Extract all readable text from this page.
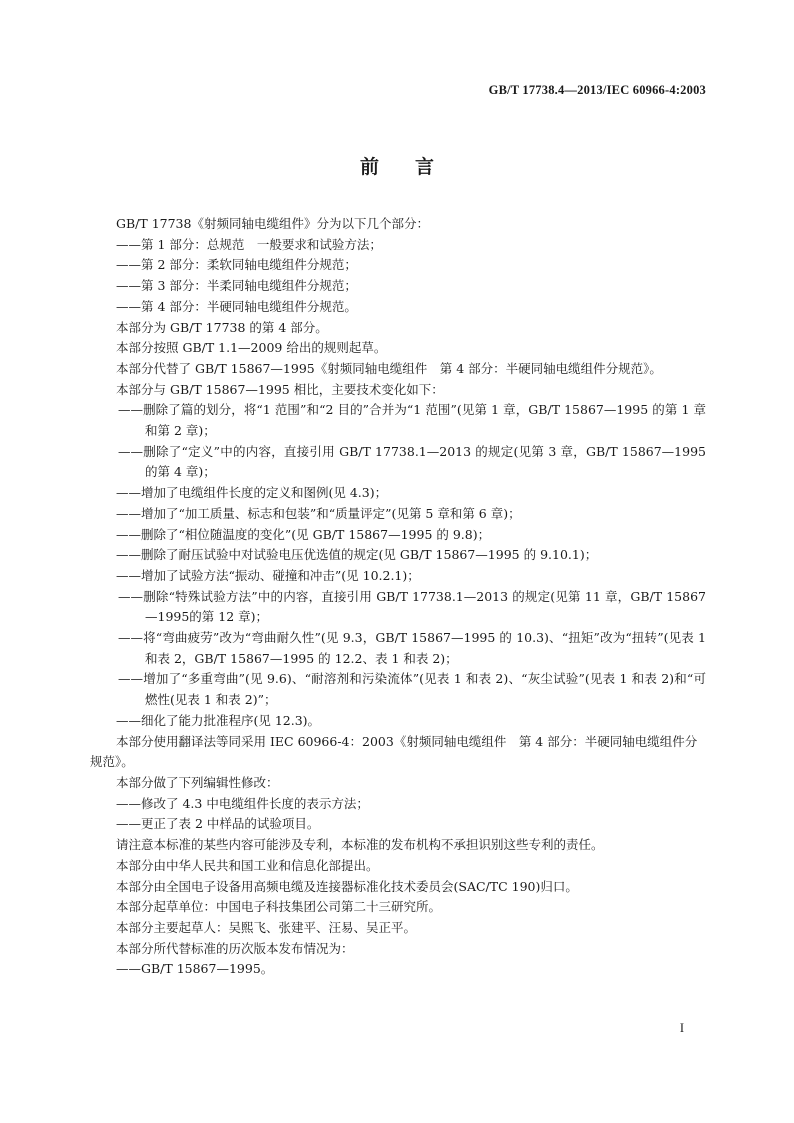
GB/T 17738.4—2013/IEC 60966-4:2003
前言

GB/T 17738《射频同轴电缆组件》分为以下几个部分：

——第 1 部分：总规范　一般要求和试验方法；

——第 2 部分：柔软同轴电缆组件分规范；

——第 3 部分：半柔同轴电缆组件分规范；

——第 4 部分：半硬同轴电缆组件分规范。

本部分为 GB/T 17738 的第 4 部分。

本部分按照 GB/T 1.1—2009 给出的规则起草。

本部分代替了 GB/T 15867—1995《射频同轴电缆组件　第 4 部分：半硬同轴电缆组件分规范》。

本部分与 GB/T 15867—1995 相比，主要技术变化如下：

——删除了篇的划分，将“1 范围”和“2 目的”合并为“1 范围”(见第 1 章，GB/T 15867—1995 的第 1 章和第 2 章)；

——删除了“定义”中的内容，直接引用 GB/T 17738.1—2013 的规定(见第 3 章，GB/T 15867—1995的第 4 章)；

——增加了电缆组件长度的定义和图例(见 4.3)；

——增加了“加工质量、标志和包装”和“质量评定”(见第 5 章和第 6 章)；

——删除了“相位随温度的变化”(见 GB/T 15867—1995 的 9.8)；

——删除了耐压试验中对试验电压优选值的规定(见 GB/T 15867—1995 的 9.10.1)；

——增加了试验方法“振动、碰撞和冲击”(见 10.2.1)；

——删除“特殊试验方法”中的内容，直接引用 GB/T 17738.1—2013 的规定(见第 11 章，GB/T 15867—1995的第 12 章)；

——将“弯曲疲劳”改为“弯曲耐久性”(见 9.3，GB/T 15867—1995 的 10.3)、“扭矩”改为“扭转”(见表 1 和表 2，GB/T 15867—1995 的 12.2、表 1 和表 2)；

——增加了“多重弯曲”(见 9.6)、“耐溶剂和污染流体”(见表 1 和表 2)、“灰尘试验”(见表 1 和表 2)和“可燃性(见表 1 和表 2)”；

——细化了能力批准程序(见 12.3)。

本部分使用翻译法等同采用 IEC 60966-4：2003《射频同轴电缆组件　第 4 部分：半硬同轴电缆组件分规范》。

本部分做了下列编辑性修改：

——修改了 4.3 中电缆组件长度的表示方法；

——更正了表 2 中样品的试验项目。

请注意本标准的某些内容可能涉及专利，本标准的发布机构不承担识别这些专利的责任。

本部分由中华人民共和国工业和信息化部提出。

本部分由全国电子设备用高频电缆及连接器标准化技术委员会(SAC/TC 190)归口。

本部分起草单位：中国电子科技集团公司第二十三研究所。

本部分主要起草人：吴熙飞、张建平、汪易、吴正平。

本部分所代替标准的历次版本发布情况为：

——GB/T 15867—1995。

I
